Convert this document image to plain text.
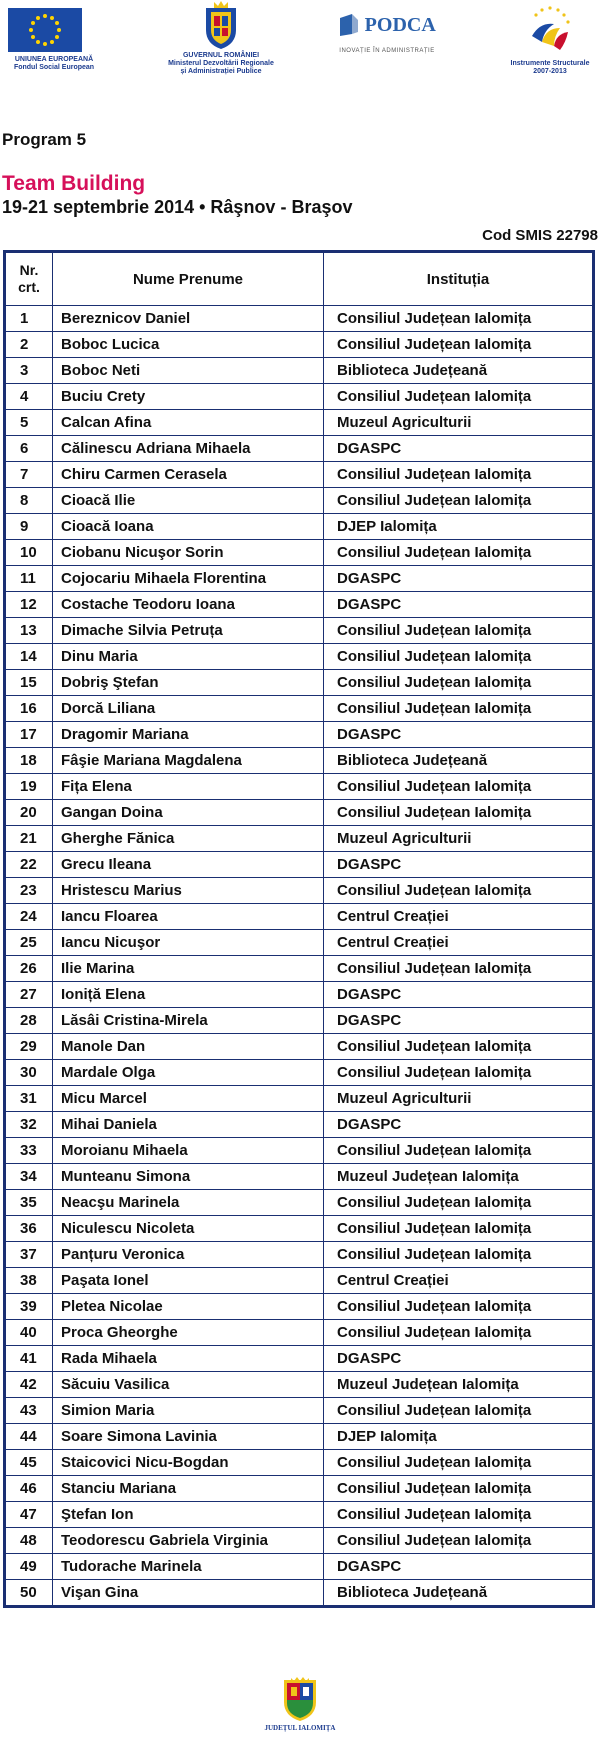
UNIUNEA EUROPEANĂ
Fondul Social European
GUVERNUL ROMÂNIEI
Ministerul Dezvoltării Regionale
și Administrației Publice
PODCA
INOVAȚIE ÎN ADMINISTRAȚIE
Instrumente Structurale
2007-2013
Program 5
Team Building
19-21 septembrie 2014 • Râşnov - Braşov
Cod SMIS 22798
Nr.
crt.	Nume Prenume	Instituția
1	Bereznicov Daniel	Consiliul Județean Ialomița
2	Boboc Lucica	Consiliul Județean Ialomița
3	Boboc Neti	Biblioteca Județeană
4	Buciu Crety	Consiliul Județean Ialomița
5	Calcan Afina	Muzeul Agriculturii
6	Călinescu Adriana Mihaela	DGASPC
7	Chiru Carmen Cerasela	Consiliul Județean Ialomița
8	Cioacă Ilie	Consiliul Județean Ialomița
9	Cioacă Ioana	DJEP Ialomița
10	Ciobanu Nicuşor Sorin	Consiliul Județean Ialomița
11	Cojocariu Mihaela Florentina	DGASPC
12	Costache Teodoru Ioana	DGASPC
13	Dimache Silvia Petruța	Consiliul Județean Ialomița
14	Dinu Maria	Consiliul Județean Ialomița
15	Dobriş Ştefan	Consiliul Județean Ialomița
16	Dorcă Liliana	Consiliul Județean Ialomița
17	Dragomir Mariana	DGASPC
18	Fâşie Mariana Magdalena	Biblioteca Județeană
19	Fița Elena	Consiliul Județean Ialomița
20	Gangan Doina	Consiliul Județean Ialomița
21	Gherghe Fănica	Muzeul Agriculturii
22	Grecu Ileana	DGASPC
23	Hristescu Marius	Consiliul Județean Ialomița
24	Iancu Floarea	Centrul Creației
25	Iancu Nicuşor	Centrul Creației
26	Ilie Marina	Consiliul Județean Ialomița
27	Ioniță Elena	DGASPC
28	Lăsâi Cristina-Mirela	DGASPC
29	Manole Dan	Consiliul Județean Ialomița
30	Mardale Olga	Consiliul Județean Ialomița
31	Micu Marcel	Muzeul Agriculturii
32	Mihai Daniela	DGASPC
33	Moroianu Mihaela	Consiliul Județean Ialomița
34	Munteanu Simona	Muzeul Județean Ialomița
35	Neacşu Marinela	Consiliul Județean Ialomița
36	Niculescu Nicoleta	Consiliul Județean Ialomița
37	Panțuru Veronica	Consiliul Județean Ialomița
38	Paşata Ionel	Centrul Creației
39	Pletea Nicolae	Consiliul Județean Ialomița
40	Proca Gheorghe	Consiliul Județean Ialomița
41	Rada Mihaela	DGASPC
42	Săcuiu Vasilica	Muzeul Județean Ialomița
43	Simion Maria	Consiliul Județean Ialomița
44	Soare Simona Lavinia	DJEP Ialomița
45	Staicovici Nicu-Bogdan	Consiliul Județean Ialomița
46	Stanciu Mariana	Consiliul Județean Ialomița
47	Ştefan Ion	Consiliul Județean Ialomița
48	Teodorescu Gabriela Virginia	Consiliul Județean Ialomița
49	Tudorache Marinela	DGASPC
50	Vişan Gina	Biblioteca Județeană
JUDEȚUL IALOMIȚA
